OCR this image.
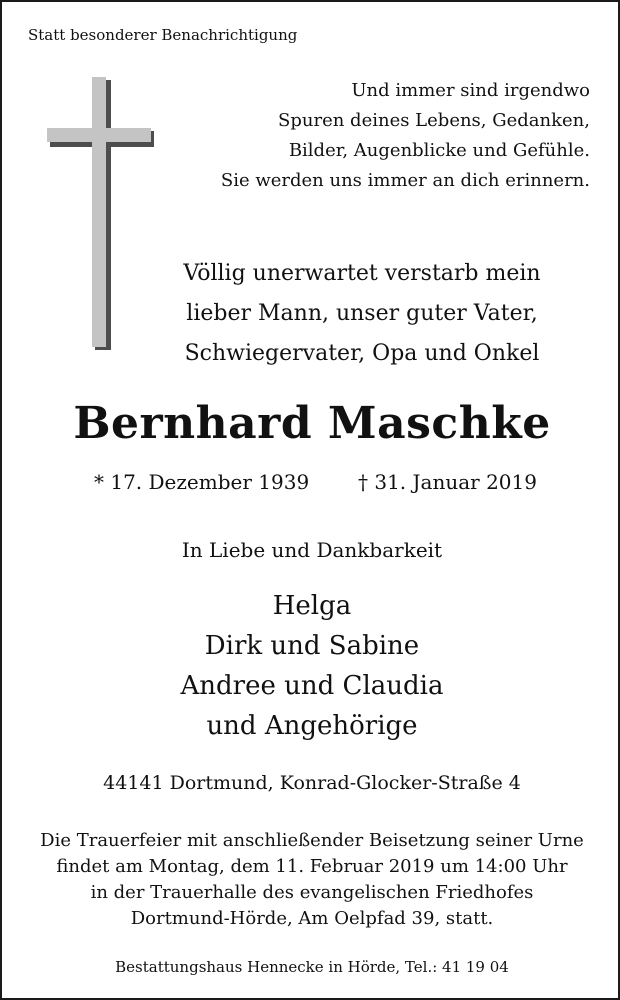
Statt besonderer Benachrichtigung
Und immer sind irgendwo
Spuren deines Lebens, Gedanken,
Bilder, Augenblicke und Gefühle.
Sie werden uns immer an dich erinnern.
Völlig unerwartet verstarb mein
lieber Mann, unser guter Vater,
Schwiegervater, Opa und Onkel
Bernhard Maschke
* 17. Dezember 1939 † 31. Januar 2019
In Liebe und Dankbarkeit
Helga
Dirk und Sabine
Andree und Claudia
und Angehörige
44141 Dortmund, Konrad-Glocker-Straße 4
Die Trauerfeier mit anschließender Beisetzung seiner Urne
findet am Montag, dem 11. Februar 2019 um 14:00 Uhr
in der Trauerhalle des evangelischen Friedhofes
Dortmund-Hörde, Am Oelpfad 39, statt.
Bestattungshaus Hennecke in Hörde, Tel.: 41 19 04
